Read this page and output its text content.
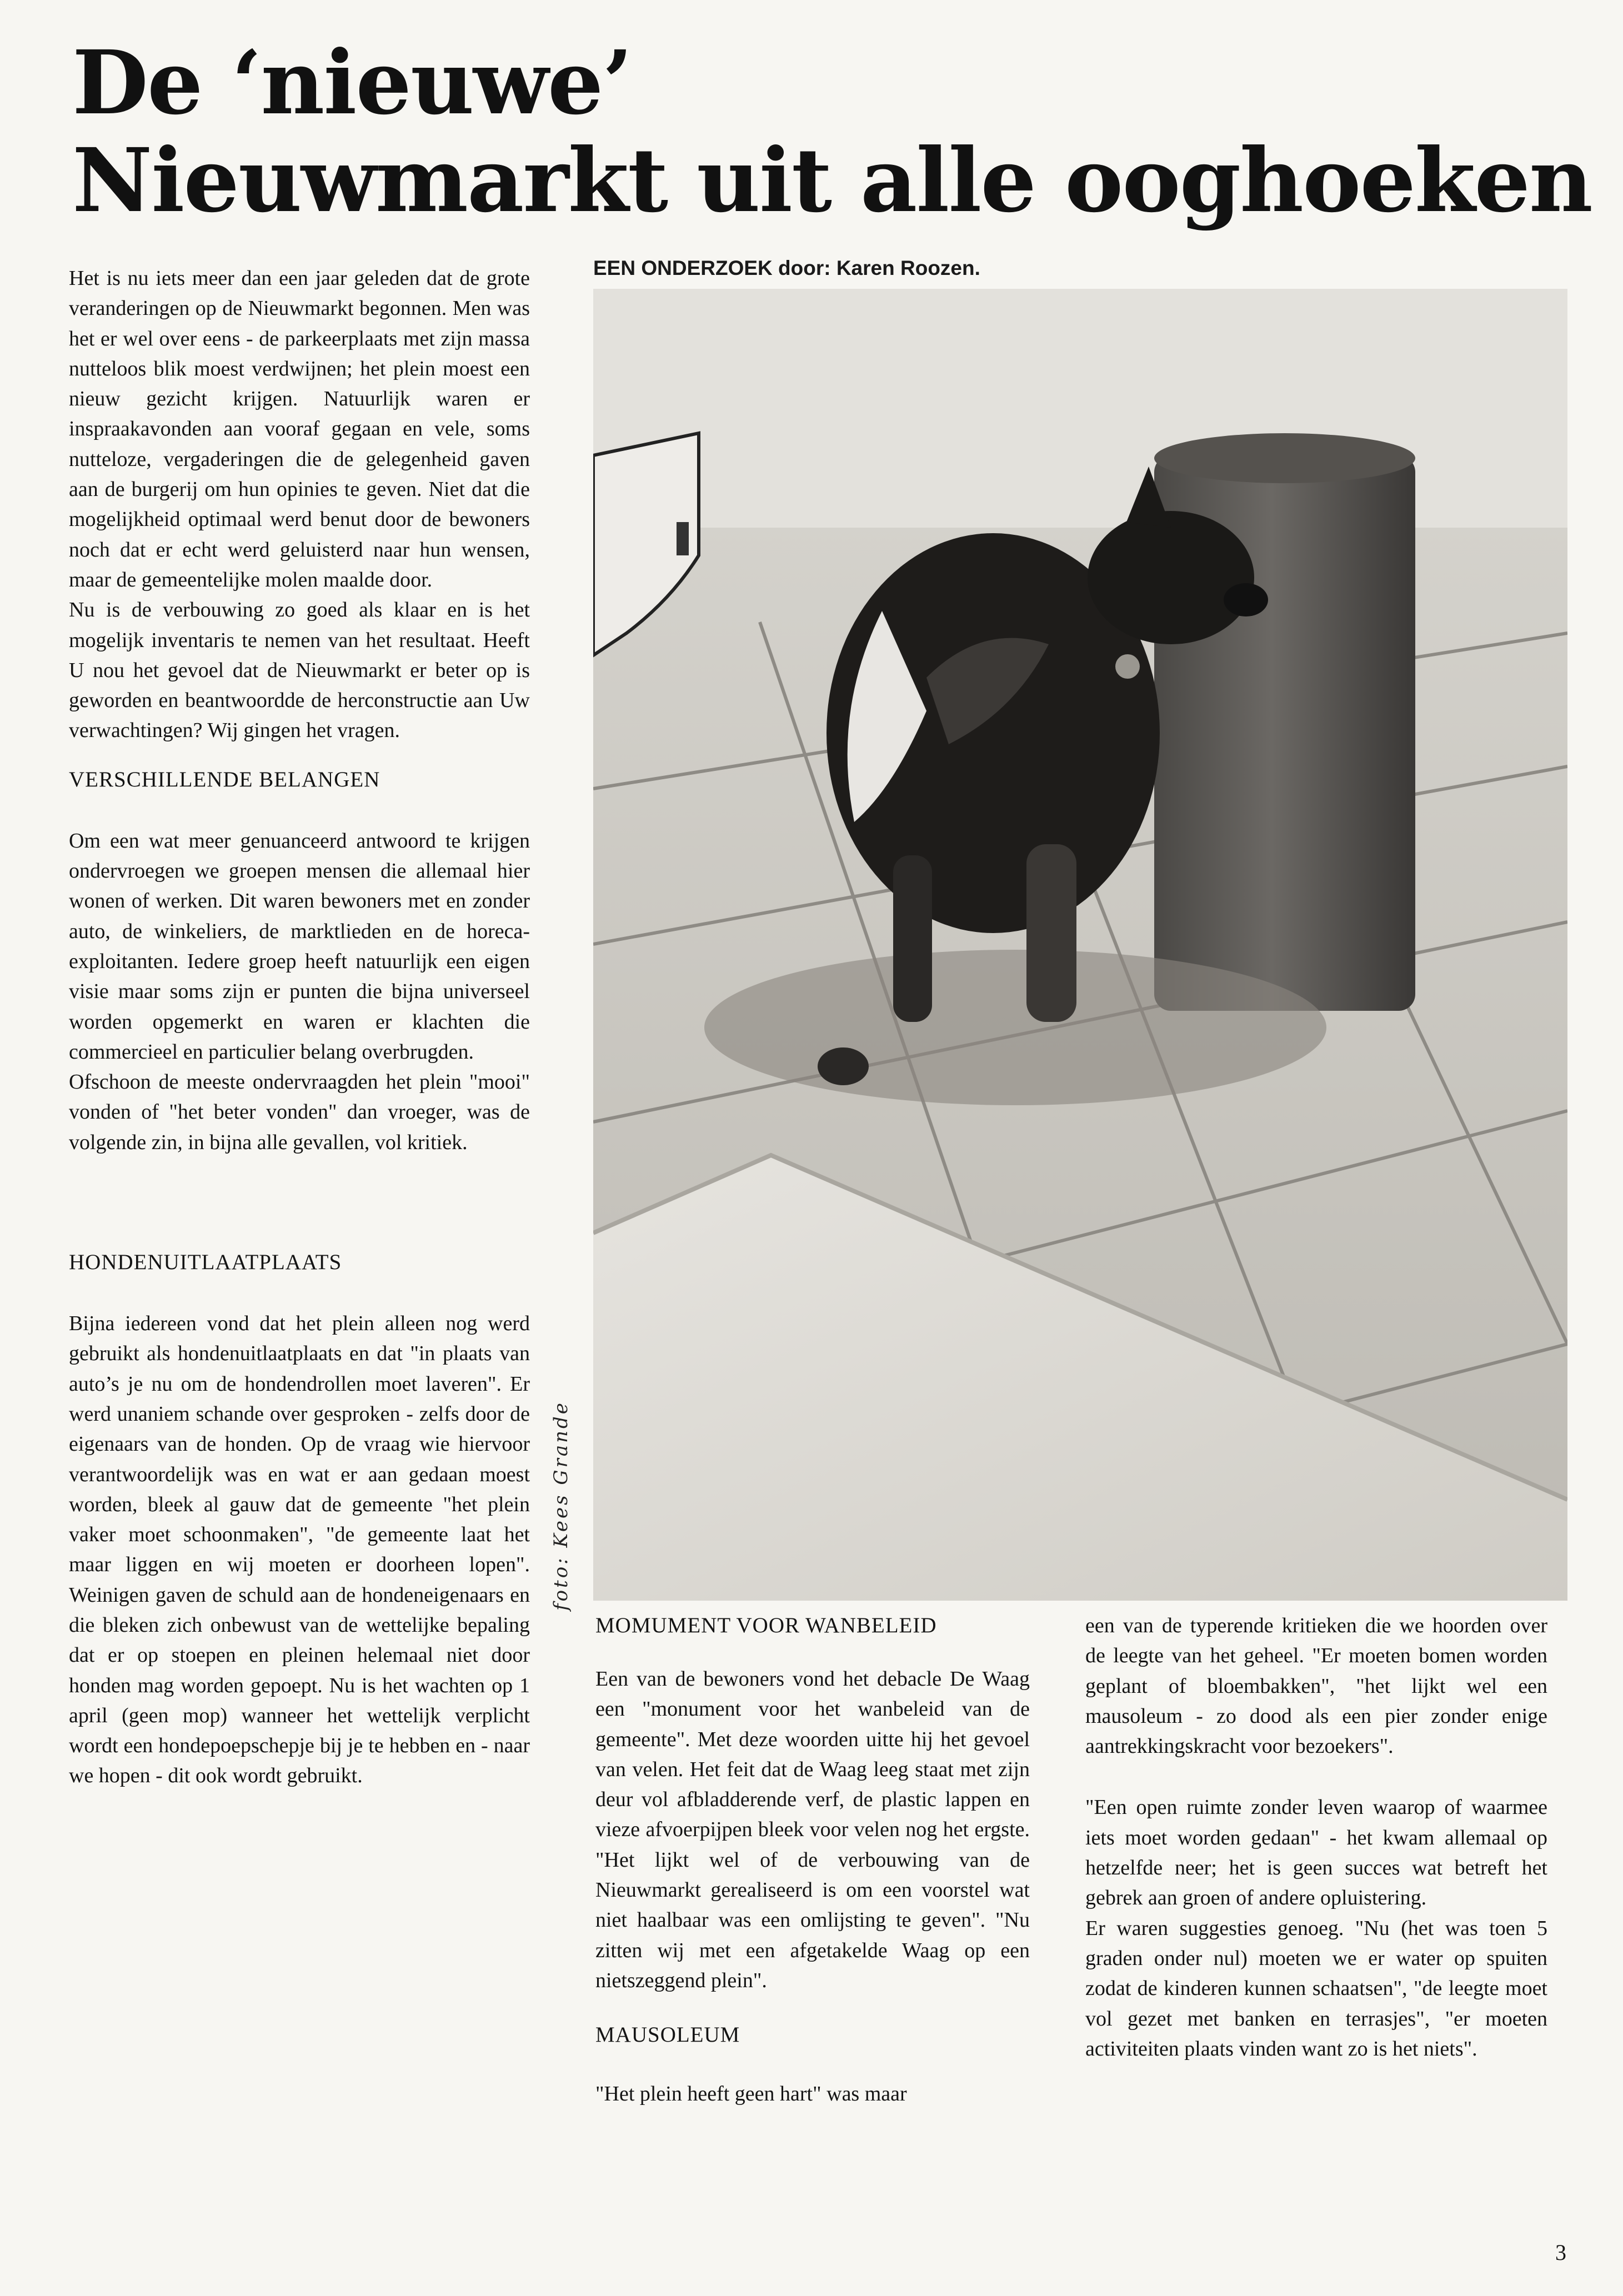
De ‘nieuwe’
Nieuwmarkt uit alle ooghoeken
EEN ONDERZOEK door: Karen Roozen.

Het is nu iets meer dan een jaar geleden dat de grote veranderingen op de Nieuwmarkt begonnen. Men was het er wel over eens - de parkeerplaats met zijn massa nutteloos blik moest verdwijnen; het plein moest een nieuw gezicht krijgen. Natuurlijk waren er inspraakavonden aan vooraf gegaan en vele, soms nutteloze, vergaderingen die de gelegenheid gaven aan de burgerij om hun opinies te geven. Niet dat die mogelijkheid optimaal werd benut door de bewoners noch dat er echt werd geluisterd naar hun wensen, maar de gemeentelijke molen maalde door.

Nu is de verbouwing zo goed als klaar en is het mogelijk inventaris te nemen van het resultaat. Heeft U nou het gevoel dat de Nieuwmarkt er beter op is geworden en beantwoordde de herconstructie aan Uw verwachtingen? Wij gingen het vragen.

VERSCHILLENDE BELANGEN

Om een wat meer genuanceerd antwoord te krijgen ondervroegen we groepen mensen die allemaal hier wonen of werken. Dit waren bewoners met en zonder auto, de winkeliers, de marktlieden en de horeca-exploitanten. Iedere groep heeft natuurlijk een eigen visie maar soms zijn er punten die bijna universeel worden opgemerkt en waren er klachten die commercieel en particulier belang overbrugden.

Ofschoon de meeste ondervraagden het plein "mooi" vonden of "het beter vonden" dan vroeger, was de volgende zin, in bijna alle gevallen, vol kritiek.

HONDENUITLAATPLAATS

Bijna iedereen vond dat het plein alleen nog werd gebruikt als hondenuitlaatplaats en dat "in plaats van auto’s je nu om de hondendrollen moet laveren". Er werd unaniem schande over gesproken - zelfs door de eigenaars van de honden. Op de vraag wie hiervoor verantwoordelijk was en wat er aan gedaan moest worden, bleek al gauw dat de gemeente "het plein vaker moet schoonmaken", "de gemeente laat het maar liggen en wij moeten er doorheen lopen". Weinigen gaven de schuld aan de hondeneigenaars en die bleken zich onbewust van de wettelijke bepaling dat er op stoepen en pleinen helemaal niet door honden mag worden gepoept. Nu is het wachten op 1 april (geen mop) wanneer het wettelijk verplicht wordt een hondepoepschepje bij je te hebben en - naar we hopen - dit ook wordt gebruikt.

foto: Kees Grande
MOMUMENT VOOR WANBELEID

Een van de bewoners vond het debacle De Waag een "monument voor het wanbeleid van de gemeente". Met deze woorden uitte hij het gevoel van velen. Het feit dat de Waag leeg staat met zijn deur vol afbladderende verf, de plastic lappen en vieze afvoerpijpen bleek voor velen nog het ergste. "Het lijkt wel of de verbouwing van de Nieuwmarkt gerealiseerd is om een voorstel wat niet haalbaar was een omlijsting te geven". "Nu zitten wij met een afgetakelde Waag op een nietszeggend plein".

MAUSOLEUM

"Het plein heeft geen hart" was maar

een van de typerende kritieken die we hoorden over de leegte van het geheel. "Er moeten bomen worden geplant of bloembakken", "het lijkt wel een mausoleum - zo dood als een pier zonder enige aantrekkingskracht voor bezoekers".

"Een open ruimte zonder leven waarop of waarmee iets moet worden gedaan" - het kwam allemaal op hetzelfde neer; het is geen succes wat betreft het gebrek aan groen of andere opluistering.

Er waren suggesties genoeg. "Nu (het was toen 5 graden onder nul) moeten we er water op spuiten zodat de kinderen kunnen schaatsen", "de leegte moet vol gezet met banken en terrasjes", "er moeten activiteiten plaats vinden want zo is het niets".

3
